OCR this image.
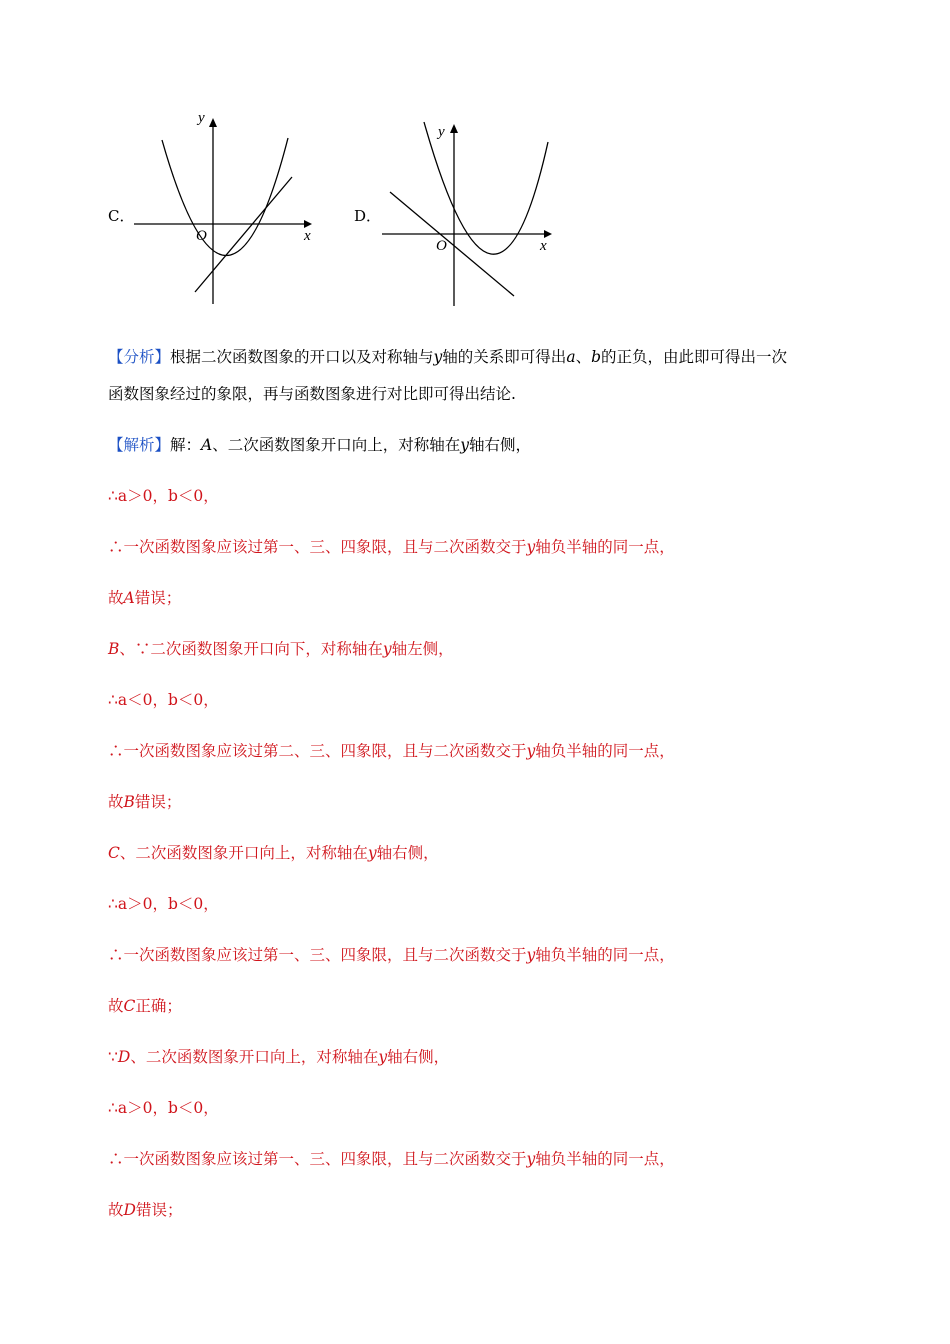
C．
y
x
O
D．
y
x
O
【分析】根据二次函数图象的开口以及对称轴与y轴的关系即可得出a、b的正负，由此即可得出一次
函数图象经过的象限，再与函数图象进行对比即可得出结论.
【解析】解：A、二次函数图象开口向上，对称轴在y轴右侧，
∴a＞0，b＜0，
∴一次函数图象应该过第一、三、四象限，且与二次函数交于y轴负半轴的同一点，
故A错误；
B、∵二次函数图象开口向下，对称轴在y轴左侧，
∴a＜0，b＜0，
∴一次函数图象应该过第二、三、四象限，且与二次函数交于y轴负半轴的同一点，
故B错误；
C、二次函数图象开口向上，对称轴在y轴右侧，
∴a＞0，b＜0，
∴一次函数图象应该过第一、三、四象限，且与二次函数交于y轴负半轴的同一点，
故C正确；
∵D、二次函数图象开口向上，对称轴在y轴右侧，
∴a＞0，b＜0，
∴一次函数图象应该过第一、三、四象限，且与二次函数交于y轴负半轴的同一点，
故D错误；
